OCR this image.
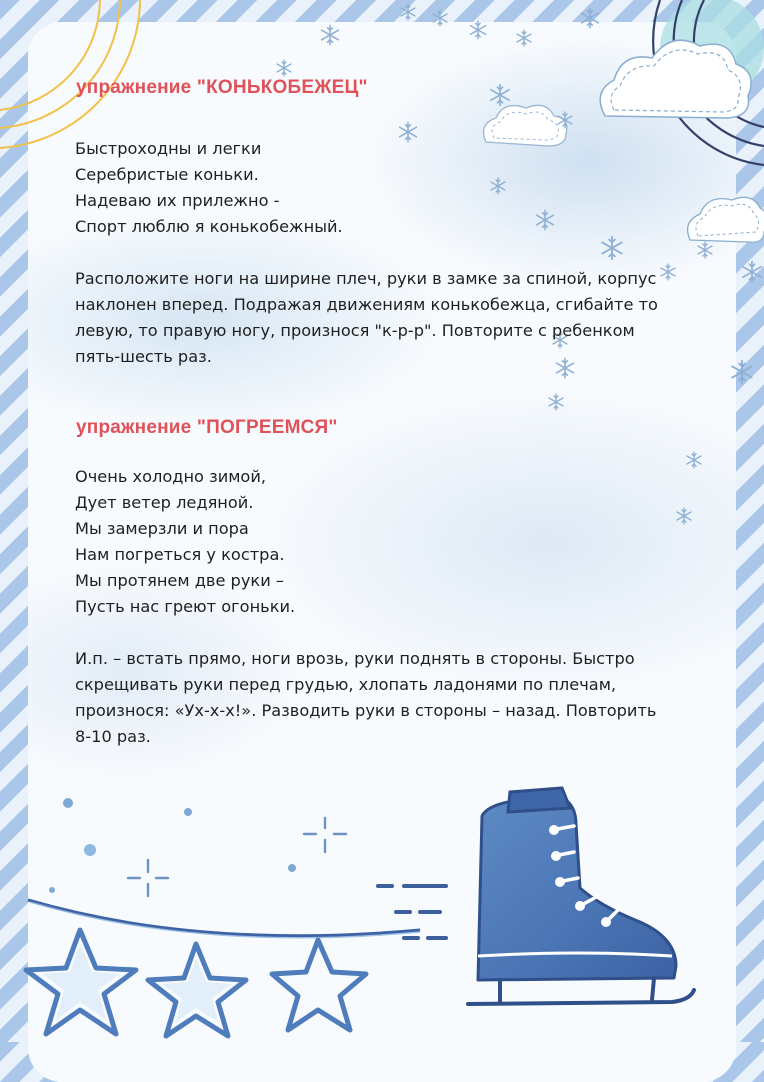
упражнение "КОНЬКОБЕЖЕЦ"
Быстроходны и легки
Серебристые коньки.
Надеваю их прилежно -
Спорт люблю я конькобежный.
Расположите ноги на ширине плеч, руки в замке за спиной, корпус
наклонен вперед. Подражая движениям конькобежца, сгибайте то
левую, то правую ногу, произнося "к-р-р". Повторите с ребенком
пять-шесть раз.
упражнение "ПОГРЕЕМСЯ"
Очень холодно зимой,
Дует ветер ледяной.
Мы замерзли и пора
Нам погреться у костра.
Мы протянем две руки –
Пусть нас греют огоньки.
И.п. – встать прямо, ноги врозь, руки поднять в стороны. Быстро
скрещивать руки перед грудью, хлопать ладонями по плечам,
произнося: «Ух-х-х!». Разводить руки в стороны – назад. Повторить
8-10 раз.
